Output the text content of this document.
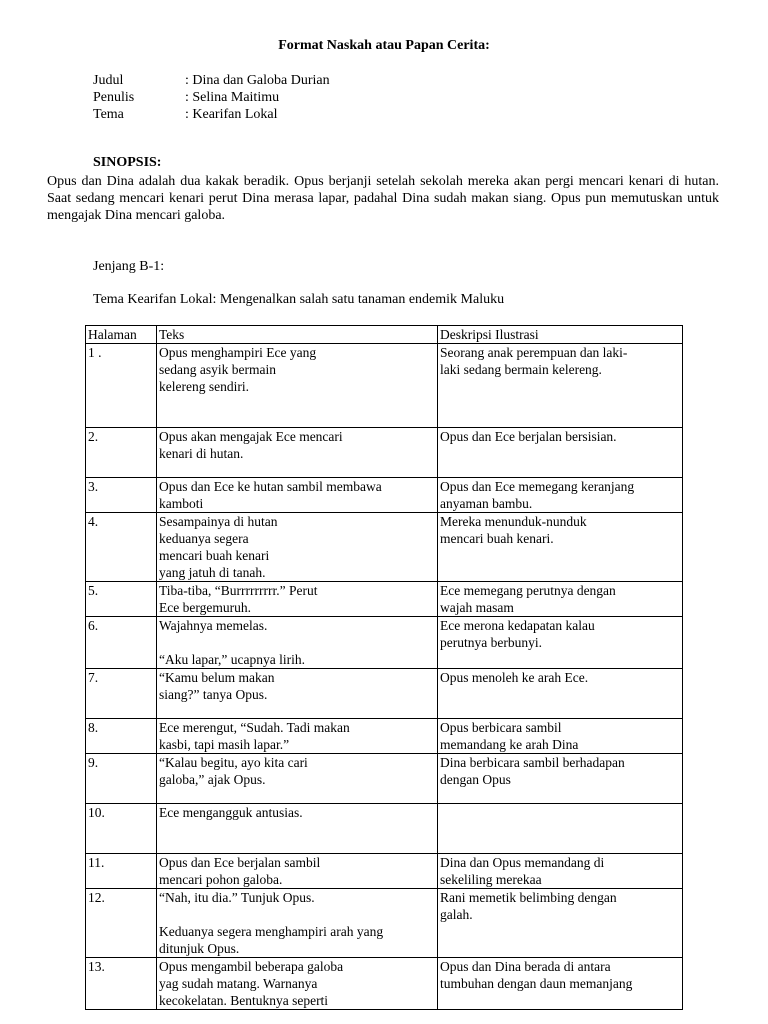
Format Naskah atau Papan Cerita:
Judul	: Dina dan Galoba Durian
Penulis	: Selina Maitimu
Tema	: Kearifan Lokal
SINOPSIS:
Opus dan Dina adalah dua kakak beradik. Opus berjanji setelah sekolah mereka akan pergi mencari kenari di hutan. Saat sedang mencari kenari perut Dina merasa lapar, padahal Dina sudah makan siang. Opus pun memutuskan untuk mengajak Dina mencari galoba.
Jenjang B-1:
Tema Kearifan Lokal: Mengenalkan salah satu tanaman endemik Maluku
Halaman	Teks	Deskripsi Ilustrasi
1 .	Opus menghampiri Ece yang
sedang asyik bermain
kelereng sendiri.	Seorang anak perempuan dan laki-
laki sedang bermain kelereng.

2.	Opus akan mengajak Ece mencari
kenari di hutan.	Opus dan Ece berjalan bersisian.

3.	Opus dan Ece ke hutan sambil membawa
kamboti	Opus dan Ece memegang keranjang
anyaman bambu.

4.	Sesampainya di hutan
keduanya segera
mencari buah kenari
yang jatuh di tanah.	Mereka menunduk-nunduk
mencari buah kenari.

5.	Tiba-tiba, “Burrrrrrrrr.” Perut
Ece bergemuruh.	Ece memegang perutnya dengan
wajah masam

6.	Wajahnya memelas.
“Aku lapar,” ucapnya lirih.	Ece merona kedapatan kalau
perutnya berbunyi.

7.	“Kamu belum makan
siang?” tanya Opus.	Opus menoleh ke arah Ece.

8.	Ece merengut, “Sudah. Tadi makan
kasbi, tapi masih lapar.”	Opus berbicara sambil
memandang ke arah Dina

9.	“Kalau begitu, ayo kita cari
galoba,” ajak Opus.	Dina berbicara sambil berhadapan
dengan Opus

10.	Ece mengangguk antusias.	

11.	Opus dan Ece berjalan sambil
mencari pohon galoba.	Dina dan Opus memandang di
sekeliling merekaa

12.	“Nah, itu dia.” Tunjuk Opus.
Keduanya segera menghampiri arah yang
ditunjuk Opus.	Rani memetik belimbing dengan
galah.

13.	Opus mengambil beberapa galoba
yag sudah matang. Warnanya
kecokelatan. Bentuknya seperti	Opus dan Dina berada di antara
tumbuhan dengan daun memanjang
